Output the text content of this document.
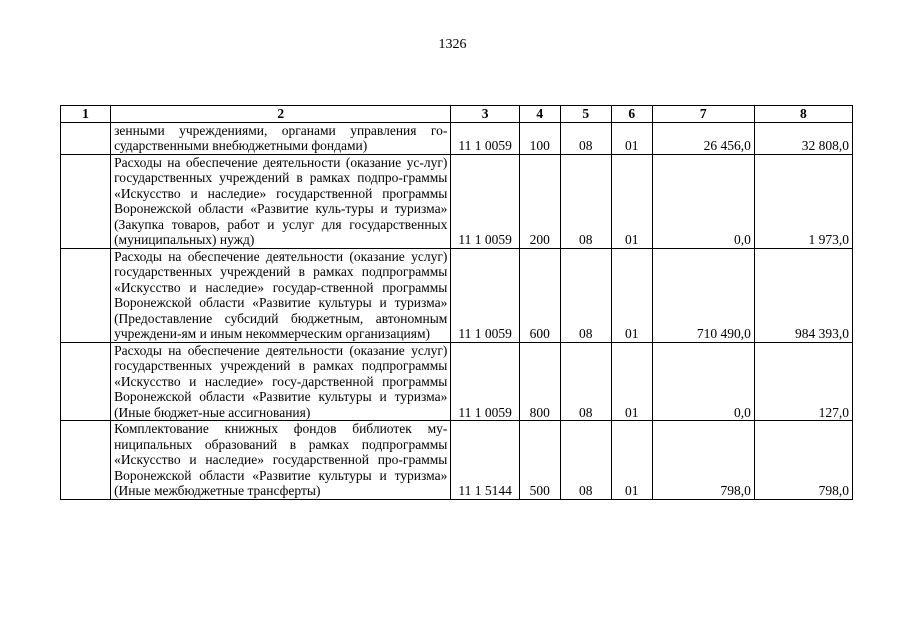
1326
1	2	3	4	5	6	7	8
	зенными учреждениями, органами управления го-сударственными внебюджетными фондами)	11 1 0059	100	08	01	26 456,0	32 808,0
	Расходы на обеспечение деятельности (оказание ус-луг) государственных учреждений в рамках подпро-граммы «Искусство и наследие» государственной программы Воронежской области «Развитие куль-туры и туризма» (Закупка товаров, работ и услуг для государственных (муниципальных) нужд)	11 1 0059	200	08	01	0,0	1 973,0
	Расходы на обеспечение деятельности (оказание услуг) государственных учреждений в рамках подпрограммы «Искусство и наследие» государ-ственной программы Воронежской области «Развитие культуры и туризма» (Предоставление субсидий бюджетным, автономным учреждени-ям и иным некоммерческим организациям)	11 1 0059	600	08	01	710 490,0	984 393,0
	Расходы на обеспечение деятельности (оказание услуг) государственных учреждений в рамках подпрограммы «Искусство и наследие» госу-дарственной программы Воронежской области «Развитие культуры и туризма» (Иные бюджет-ные ассигнования)	11 1 0059	800	08	01	0,0	127,0
	Комплектование книжных фондов библиотек му-ниципальных образований в рамках подпрограммы «Искусство и наследие» государственной про-граммы Воронежской области «Развитие культуры и туризма» (Иные межбюджетные трансферты)	11 1 5144	500	08	01	798,0	798,0
